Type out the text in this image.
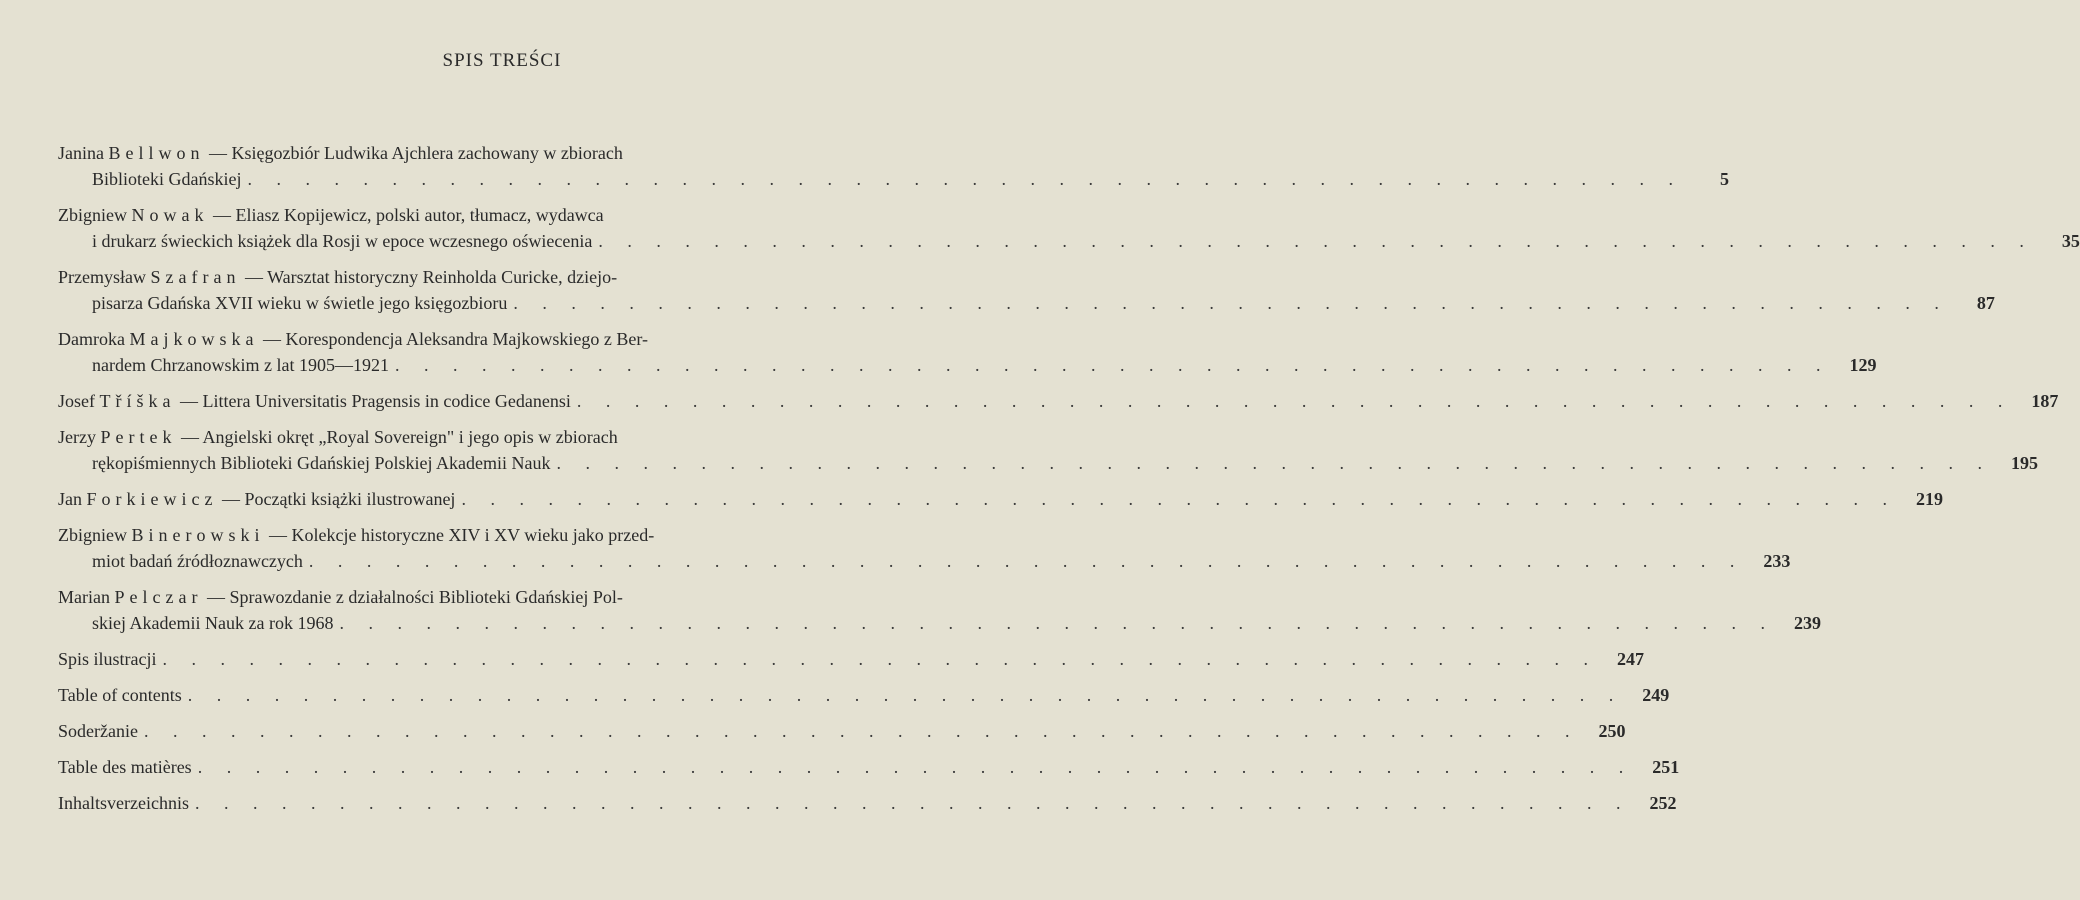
SPIS TREŚCI
Janina Bellwon — Księgozbiór Ludwika Ajchlera zachowany w zbiorach
Biblioteki Gdańskiej . . . . . . . . . . . . . . . . . . . . . . . . . . . . . . . . . . . . . . . . . . . . . . . . . .	5
Zbigniew Nowak — Eliasz Kopijewicz, polski autor, tłumacz, wydawca
i drukarz świeckich książek dla Rosji w epoce wczesnego oświecenia . . . . . . . . . . . . . . . . . . . . . . . . . . . . . . . . . . . . . . . . . . . . . . . . . .	35
Przemysław Szafran — Warsztat historyczny Reinholda Curicke, dziejo-
pisarza Gdańska XVII wieku w świetle jego księgozbioru . . . . . . . . . . . . . . . . . . . . . . . . . . . . . . . . . . . . . . . . . . . . . . . . . .	87
Damroka Majkowska — Korespondencja Aleksandra Majkowskiego z Ber-
nardem Chrzanowskim z lat 1905—1921 . . . . . . . . . . . . . . . . . . . . . . . . . . . . . . . . . . . . . . . . . . . . . . . . . .	129
Josef Tříška — Littera Universitatis Pragensis in codice Gedanensi . . . . . . . . . . . . . . . . . . . . . . . . . . . . . . . . . . . . . . . . . . . . . . . . . .	187
Jerzy Pertek — Angielski okręt „Royal Sovereign" i jego opis w zbiorach
rękopiśmiennych Biblioteki Gdańskiej Polskiej Akademii Nauk . . . . . . . . . . . . . . . . . . . . . . . . . . . . . . . . . . . . . . . . . . . . . . . . . .	195
Jan Forkiewicz — Początki książki ilustrowanej . . . . . . . . . . . . . . . . . . . . . . . . . . . . . . . . . . . . . . . . . . . . . . . . . .	219
Zbigniew Binerowski — Kolekcje historyczne XIV i XV wieku jako przed-
miot badań źródłoznawczych . . . . . . . . . . . . . . . . . . . . . . . . . . . . . . . . . . . . . . . . . . . . . . . . . .	233
Marian Pelczar — Sprawozdanie z działalności Biblioteki Gdańskiej Pol-
skiej Akademii Nauk za rok 1968 . . . . . . . . . . . . . . . . . . . . . . . . . . . . . . . . . . . . . . . . . . . . . . . . . .	239
Spis ilustracji . . . . . . . . . . . . . . . . . . . . . . . . . . . . . . . . . . . . . . . . . . . . . . . . . .	247
Table of contents . . . . . . . . . . . . . . . . . . . . . . . . . . . . . . . . . . . . . . . . . . . . . . . . . .	249
Soderžanie . . . . . . . . . . . . . . . . . . . . . . . . . . . . . . . . . . . . . . . . . . . . . . . . . .	250
Table des matières . . . . . . . . . . . . . . . . . . . . . . . . . . . . . . . . . . . . . . . . . . . . . . . . . .	251
Inhaltsverzeichnis . . . . . . . . . . . . . . . . . . . . . . . . . . . . . . . . . . . . . . . . . . . . . . . . . .	252
